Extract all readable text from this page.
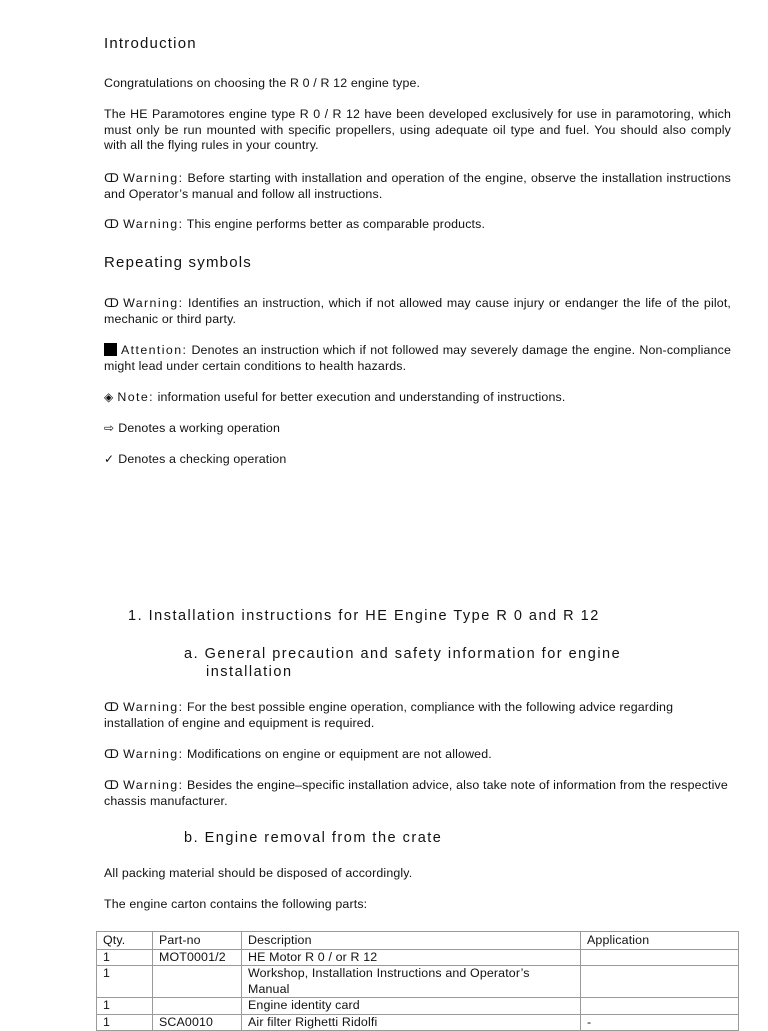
Introduction
Congratulations on choosing the R 0 / R 12 engine type.
The HE Paramotores engine type R 0 / R 12 have been developed exclusively for use in paramotoring, which must only be run mounted with specific propellers, using adequate oil type and fuel. You should also comply with all the flying rules in your country.
ↀ Warning: Before starting with installation and operation of the engine, observe the installation instructions and Operator’s manual and follow all instructions.
ↀ Warning: This engine performs better as comparable products.
Repeating symbols
ↀ Warning: Identifies an instruction, which if not allowed may cause injury or endanger the life of the pilot, mechanic or third party.
Attention: Denotes an instruction which if not followed may severely damage the engine. Non-compliance might lead under certain conditions to health hazards.
◈ Note: information useful for better execution and understanding of instructions.
⇨ Denotes a working operation
✓ Denotes a checking operation
1. Installation instructions for HE Engine Type R 0 and R 12
a. General precaution and safety information for engine installation
ↀ Warning: For the best possible engine operation, compliance with the following advice regarding installation of engine and equipment is required.
ↀ Warning: Modifications on engine or equipment are not allowed.
ↀ Warning: Besides the engine–specific installation advice, also take note of information from the respective chassis manufacturer.
b. Engine removal from the crate
All packing material should be disposed of accordingly.
The engine carton contains the following parts:
Qty.	Part-no	Description	Application
1	MOT0001/2	HE Motor R 0 / or R 12	
1		Workshop, Installation Instructions and Operator’s Manual	
1		Engine identity card	
1	SCA0010	Air filter Righetti Ridolfi	-
